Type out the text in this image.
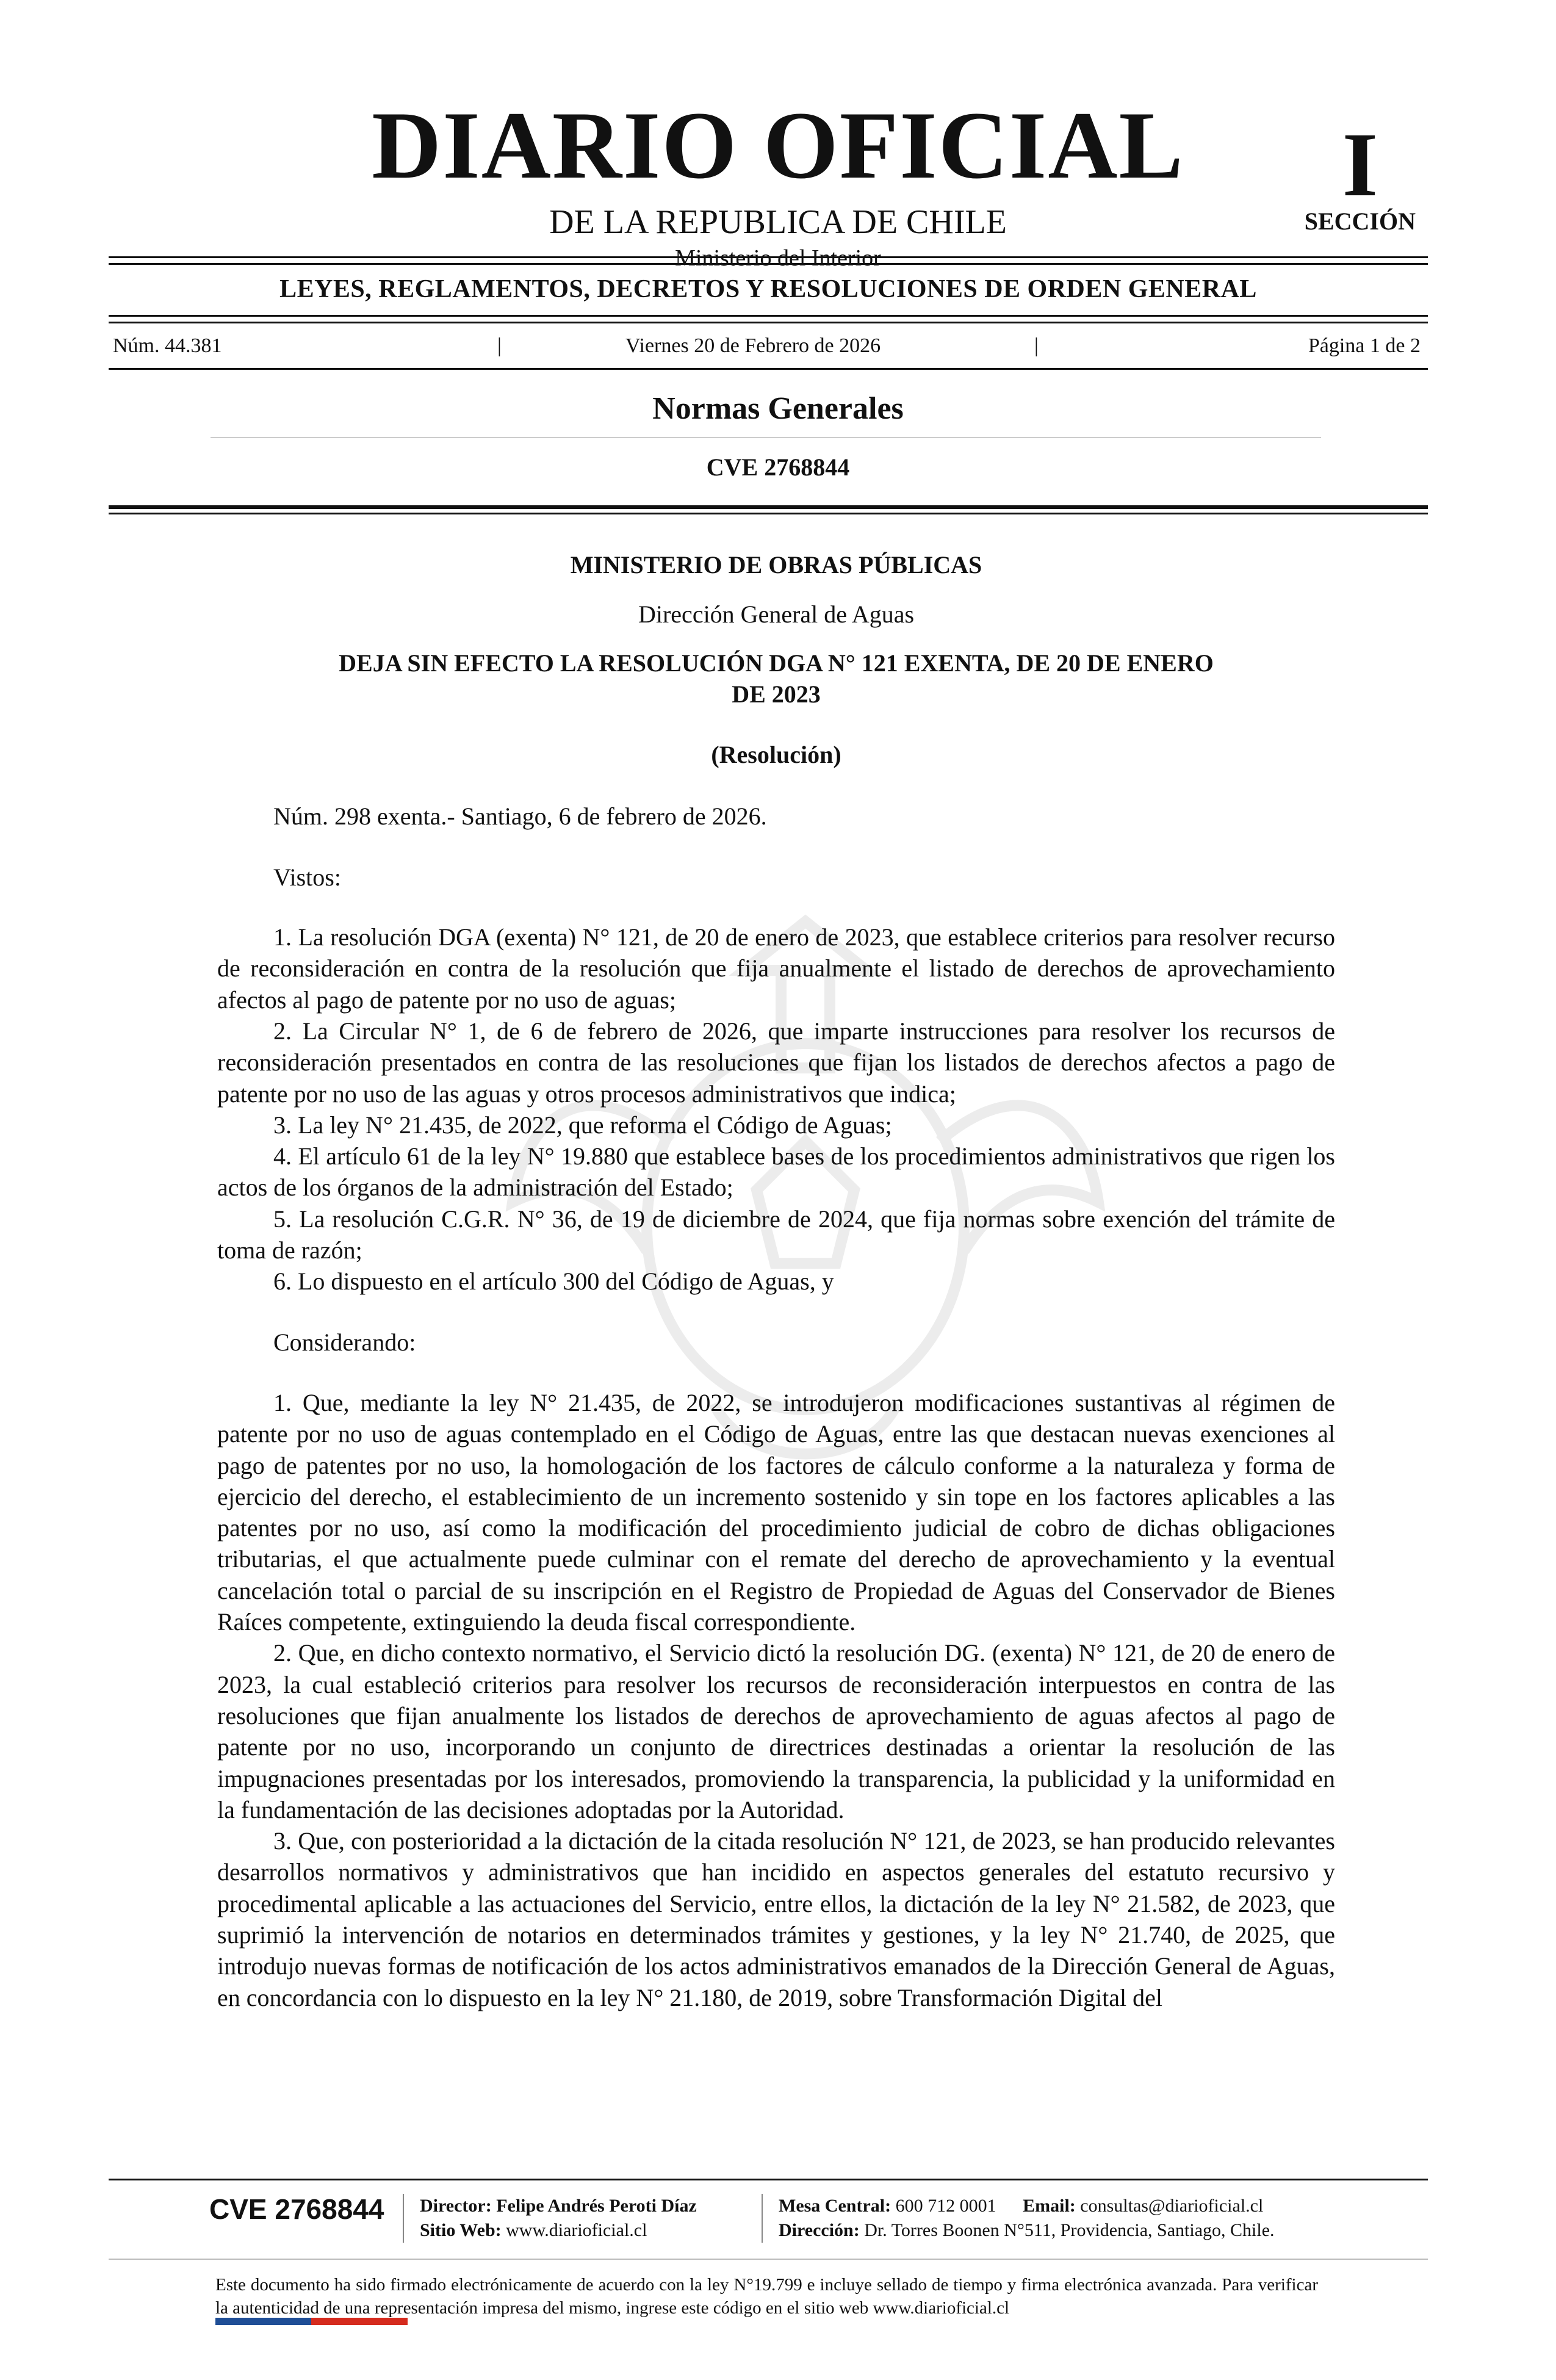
DIARIO OFICIAL
DE LA REPUBLICA DE CHILE
Ministerio del Interior
I
SECCIÓN
LEYES, REGLAMENTOS, DECRETOS Y RESOLUCIONES DE ORDEN GENERAL
Núm. 44.381	|	Viernes 20 de Febrero de 2026	|	Página 1 de 2
Normas Generales
CVE 2768844

MINISTERIO DE OBRAS PÚBLICAS

Dirección General de Aguas

DEJA SIN EFECTO LA RESOLUCIÓN DGA N° 121 EXENTA, DE 20 DE ENERO

DE 2023

(Resolución)

Núm. 298 exenta.- Santiago, 6 de febrero de 2026.

Vistos:

1. La resolución DGA (exenta) N° 121, de 20 de enero de 2023, que establece criterios para resolver recurso de reconsideración en contra de la resolución que fija anualmente el listado de derechos de aprovechamiento afectos al pago de patente por no uso de aguas;

2. La Circular N° 1, de 6 de febrero de 2026, que imparte instrucciones para resolver los recursos de reconsideración presentados en contra de las resoluciones que fijan los listados de derechos afectos a pago de patente por no uso de las aguas y otros procesos administrativos que indica;

3. La ley N° 21.435, de 2022, que reforma el Código de Aguas;

4. El artículo 61 de la ley N° 19.880 que establece bases de los procedimientos administrativos que rigen los actos de los órganos de la administración del Estado;

5. La resolución C.G.R. N° 36, de 19 de diciembre de 2024, que fija normas sobre exención del trámite de toma de razón;

6. Lo dispuesto en el artículo 300 del Código de Aguas, y

Considerando:

1. Que, mediante la ley N° 21.435, de 2022, se introdujeron modificaciones sustantivas al régimen de patente por no uso de aguas contemplado en el Código de Aguas, entre las que destacan nuevas exenciones al pago de patentes por no uso, la homologación de los factores de cálculo conforme a la naturaleza y forma de ejercicio del derecho, el establecimiento de un incremento sostenido y sin tope en los factores aplicables a las patentes por no uso, así como la modificación del procedimiento judicial de cobro de dichas obligaciones tributarias, el que actualmente puede culminar con el remate del derecho de aprovechamiento y la eventual cancelación total o parcial de su inscripción en el Registro de Propiedad de Aguas del Conservador de Bienes Raíces competente, extinguiendo la deuda fiscal correspondiente.

2. Que, en dicho contexto normativo, el Servicio dictó la resolución DG. (exenta) N° 121, de 20 de enero de 2023, la cual estableció criterios para resolver los recursos de reconsideración interpuestos en contra de las resoluciones que fijan anualmente los listados de derechos de aprovechamiento de aguas afectos al pago de patente por no uso, incorporando un conjunto de directrices destinadas a orientar la resolución de las impugnaciones presentadas por los interesados, promoviendo la transparencia, la publicidad y la uniformidad en la fundamentación de las decisiones adoptadas por la Autoridad.

3. Que, con posterioridad a la dictación de la citada resolución N° 121, de 2023, se han producido relevantes desarrollos normativos y administrativos que han incidido en aspectos generales del estatuto recursivo y procedimental aplicable a las actuaciones del Servicio, entre ellos, la dictación de la ley N° 21.582, de 2023, que suprimió la intervención de notarios en determinados trámites y gestiones, y la ley N° 21.740, de 2025, que introdujo nuevas formas de notificación de los actos administrativos emanados de la Dirección General de Aguas, en concordancia con lo dispuesto en la ley N° 21.180, de 2019, sobre Transformación Digital del

CVE 2768844 Director: Felipe Andrés Peroti Díaz
Sitio Web: www.diarioficial.cl
Mesa Central: 600 712 0001 Email: consultas@diarioficial.cl
Dirección: Dr. Torres Boonen N°511, Providencia, Santiago, Chile.
Este documento ha sido firmado electrónicamente de acuerdo con la ley N°19.799 e incluye sellado de tiempo y firma electrónica avanzada. Para verificar la autenticidad de una representación impresa del mismo, ingrese este código en el sitio web www.diarioficial.cl
